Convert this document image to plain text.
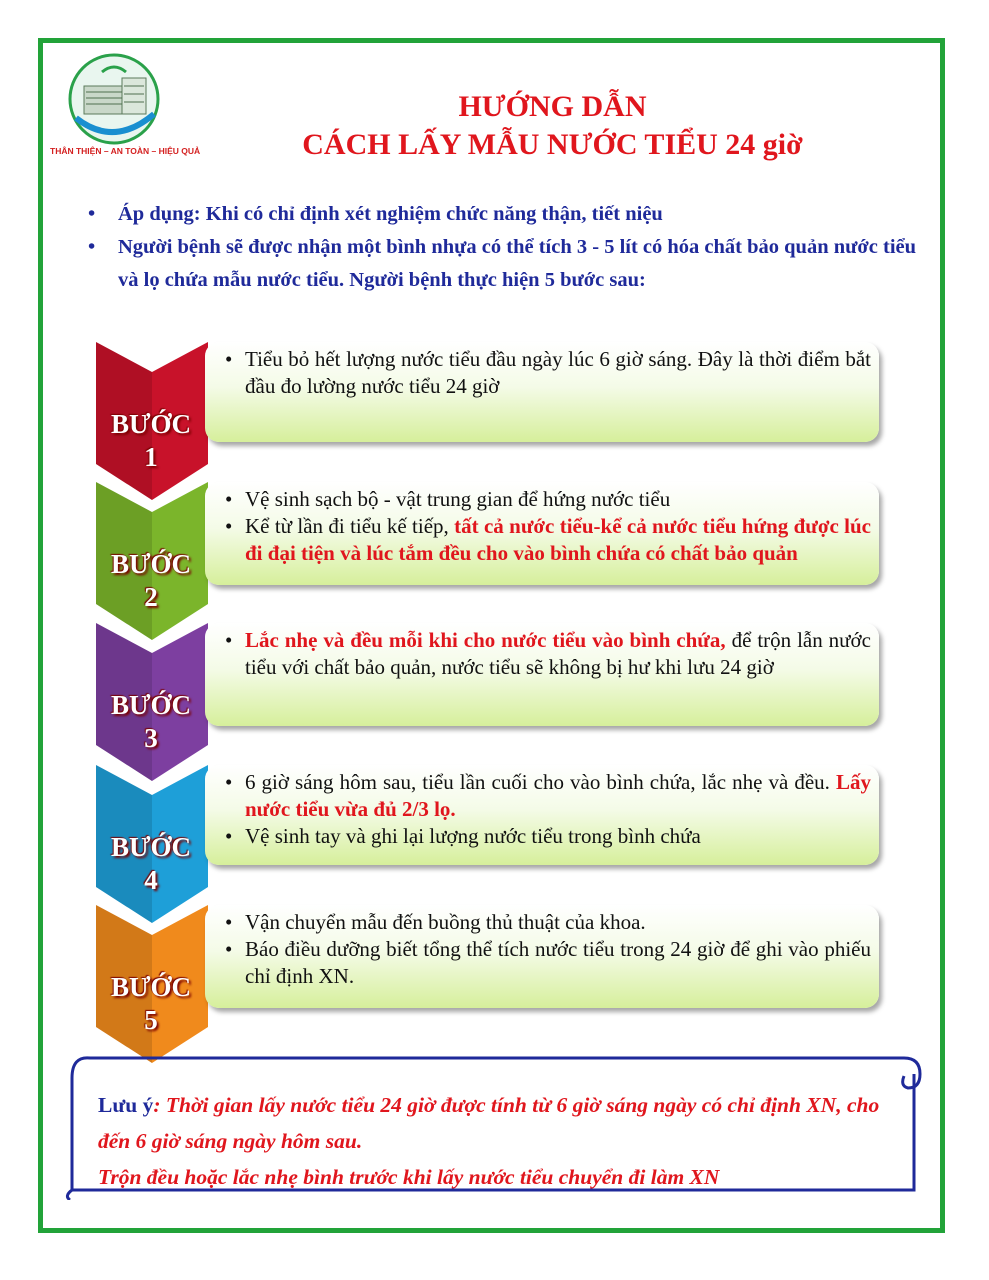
THÂN THIỆN – AN TOÀN – HIỆU QUẢ
HƯỚNG DẪN
CÁCH LẤY MẪU NƯỚC TIỂU 24 giờ
• Áp dụng: Khi có chỉ định xét nghiệm chức năng thận, tiết niệu
• Người bệnh sẽ được nhận một bình nhựa có thể tích 3 - 5 lít có hóa chất bảo quản nước tiểu và lọ chứa mẫu nước tiểu. Người bệnh thực hiện 5 bước sau:
BƯỚC
1
• Tiểu bỏ hết lượng nước tiểu đầu ngày lúc 6 giờ sáng. Đây là thời điểm bắt đầu đo lường nước tiểu 24 giờ
BƯỚC
2
• Vệ sinh sạch bộ - vật trung gian để hứng nước tiểu
• Kể từ lần đi tiểu kế tiếp, tất cả nước tiểu-kể cả nước tiểu hứng được lúc đi đại tiện và lúc tắm đều cho vào bình chứa có chất bảo quản
BƯỚC
3
• Lắc nhẹ và đều mỗi khi cho nước tiểu vào bình chứa, để trộn lẫn nước tiểu với chất bảo quản, nước tiểu sẽ không bị hư khi lưu 24 giờ
BƯỚC
4
• 6 giờ sáng hôm sau, tiểu lần cuối cho vào bình chứa, lắc nhẹ và đều. Lấy nước tiểu vừa đủ 2/3 lọ.
• Vệ sinh tay và ghi lại lượng nước tiểu trong bình chứa
BƯỚC
5
• Vận chuyển mẫu đến buồng thủ thuật của khoa.
• Báo điều dưỡng biết tổng thể tích nước tiểu trong 24 giờ để ghi vào phiếu chỉ định XN.
Lưu ý: Thời gian lấy nước tiểu 24 giờ được tính từ 6 giờ sáng ngày có chỉ định XN, cho đến 6 giờ sáng ngày hôm sau.
Trộn đều hoặc lắc nhẹ bình trước khi lấy nước tiểu chuyển đi làm XN
